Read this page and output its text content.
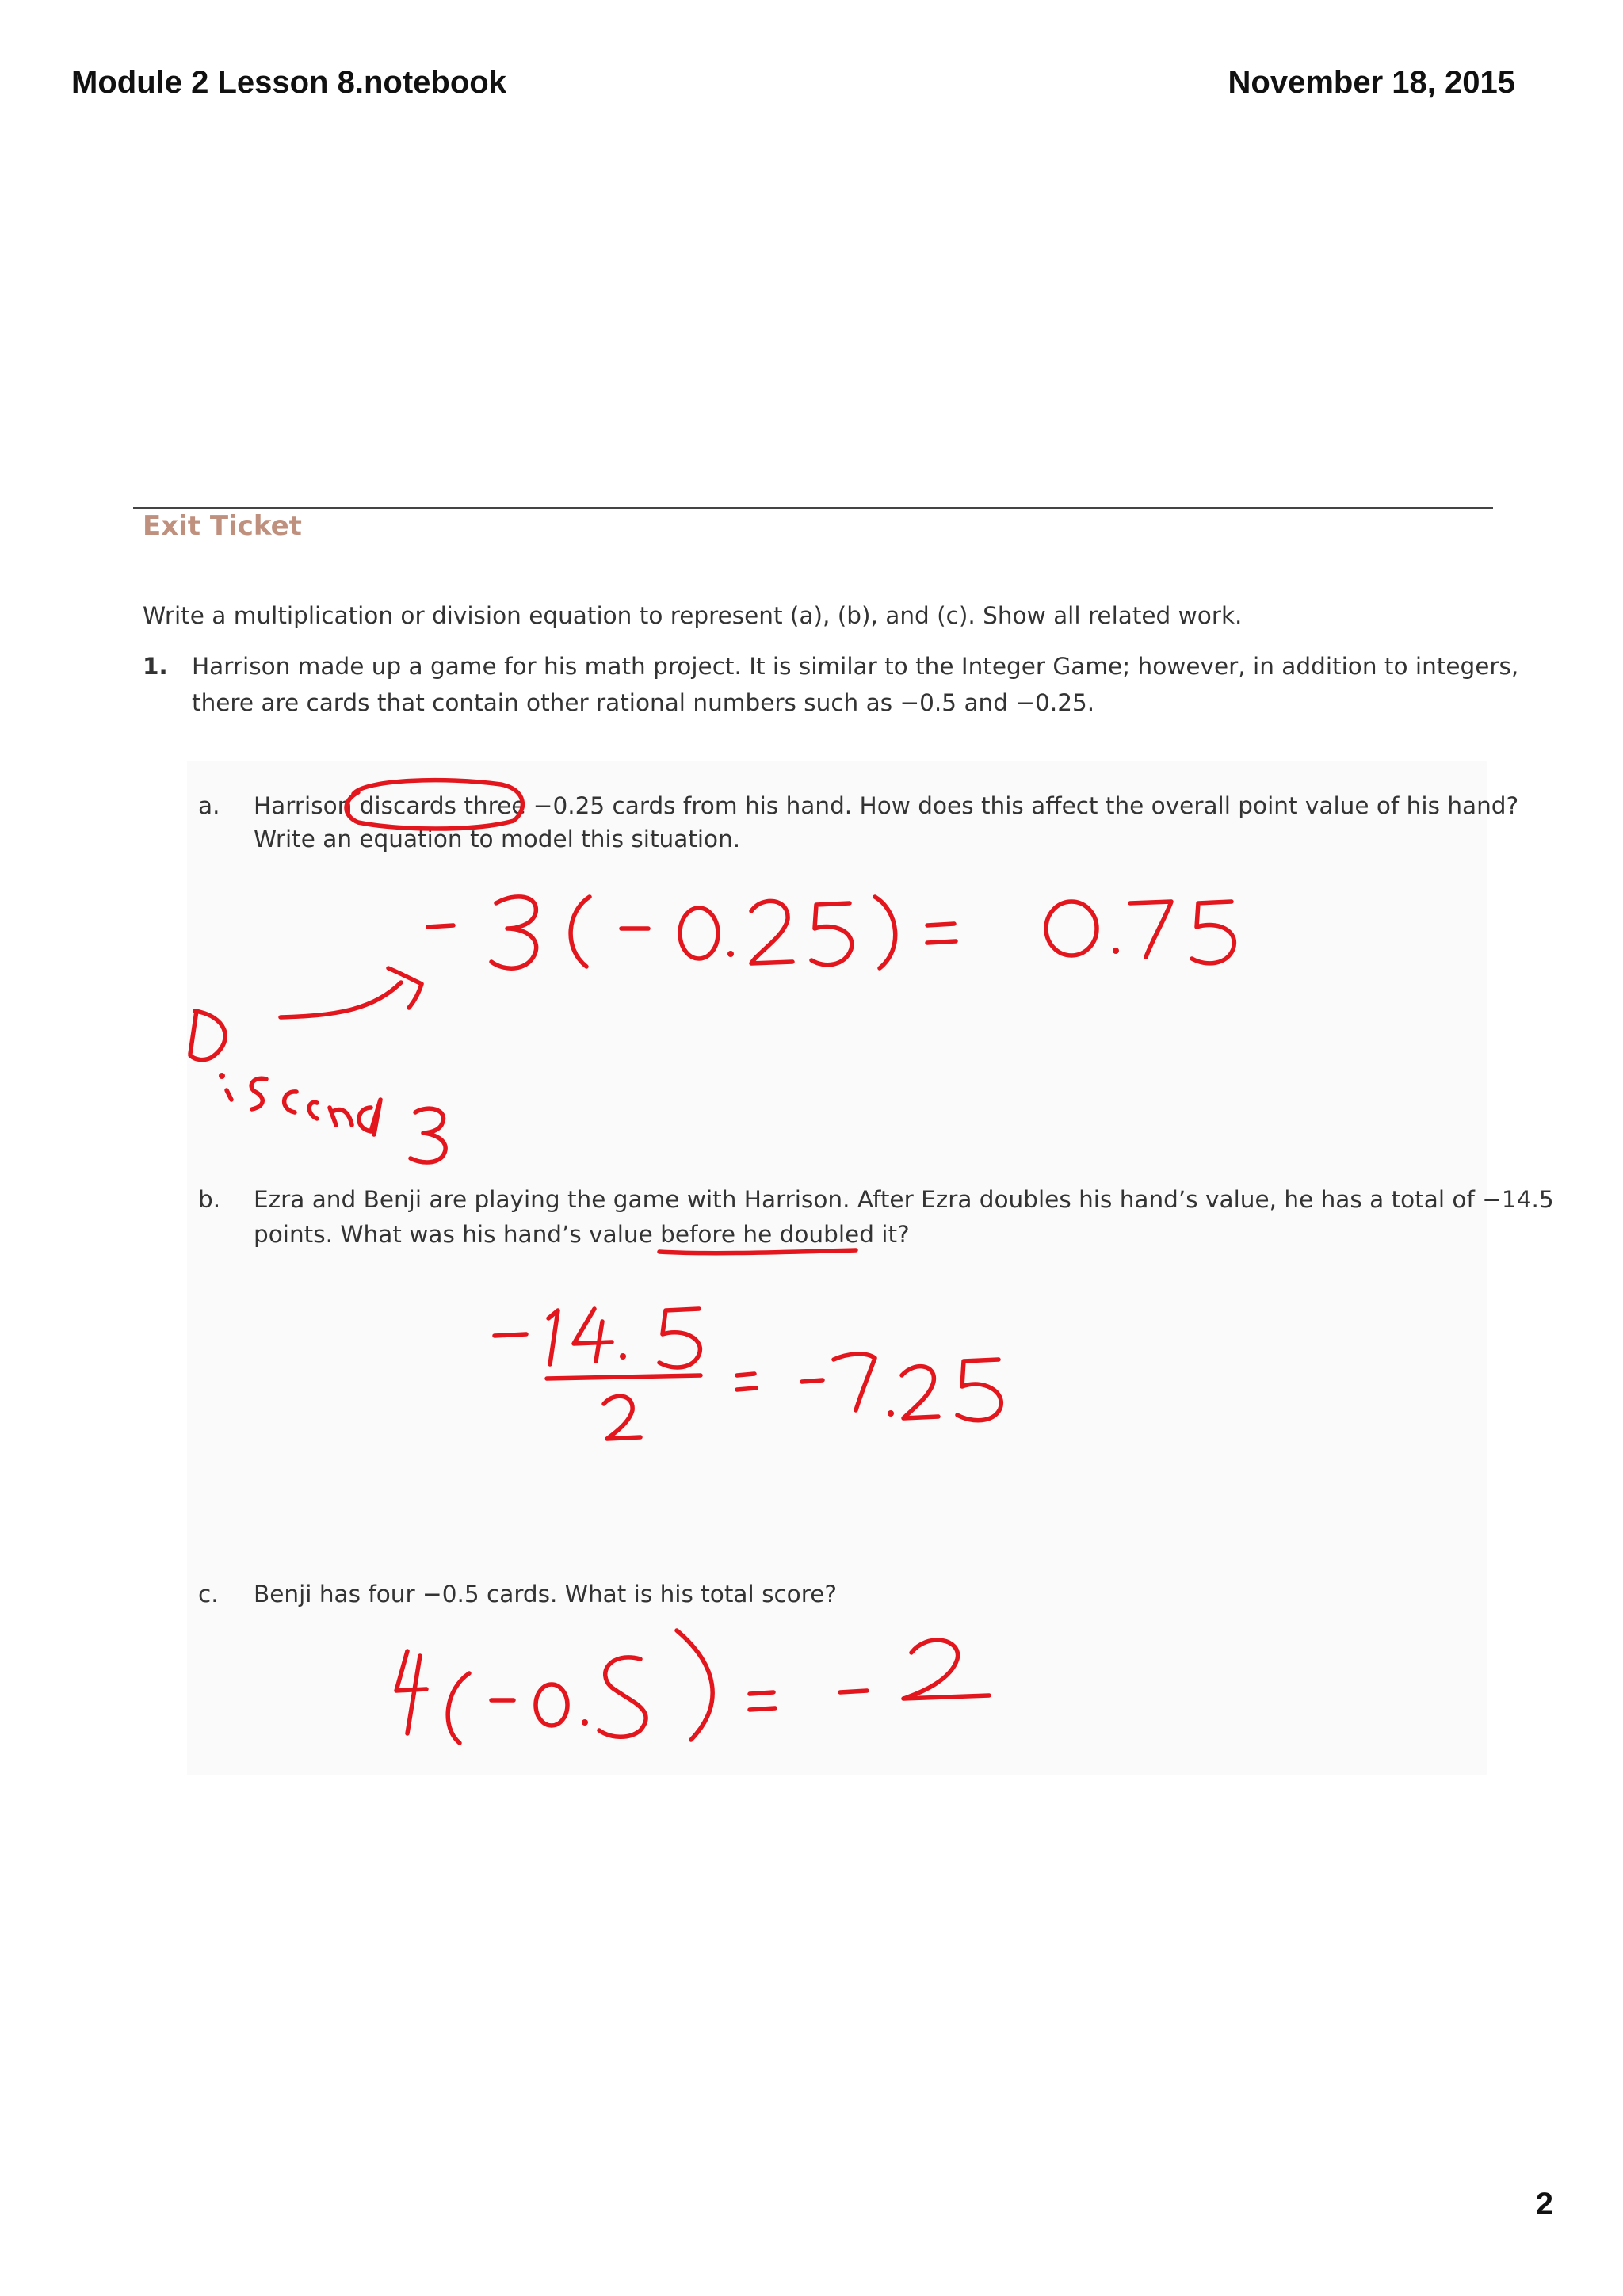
Module 2 Lesson 8.notebook	November 18, 2015
Exit Ticket
Write a multiplication or division equation to represent (a), (b), and (c). Show all related work.
1. Harrison made up a game for his math project. It is similar to the Integer Game; however, in addition to integers,
there are cards that contain other rational numbers such as −0.5 and −0.25.
a. Harrison discards three −0.25 cards from his hand. How does this affect the overall point value of his hand?
Write an equation to model this situation.
b. Ezra and Benji are playing the game with Harrison. After Ezra doubles his hand’s value, he has a total of −14.5
points. What was his hand’s value before he doubled it?
c. Benji has four −0.5 cards. What is his total score?
2
